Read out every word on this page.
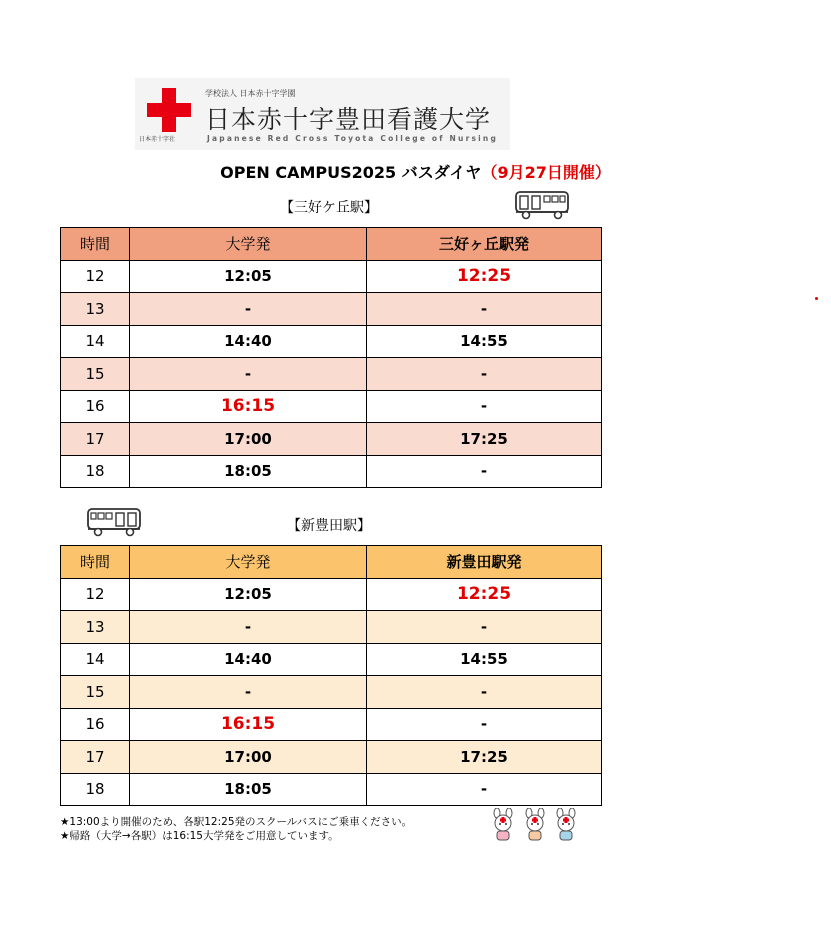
日本赤十字社
学校法人 日本赤十字学園
日本赤十字豊田看護大学
Japanese Red Cross Toyota College of Nursing
OPEN CAMPUS2025 バスダイヤ（9月27日開催）
【三好ケ丘駅】
時間	大学発	三好ヶ丘駅発
12	12:05	12:25
13	-	-
14	14:40	14:55
15	-	-
16	16:15	-
17	17:00	17:25
18	18:05	-
【新豊田駅】
時間	大学発	新豊田駅発
12	12:05	12:25
13	-	-
14	14:40	14:55
15	-	-
16	16:15	-
17	17:00	17:25
18	18:05	-
★13:00より開催のため、各駅12:25発のスクールバスにご乗車ください。
★帰路（大学→各駅）は16:15大学発をご用意しています。
